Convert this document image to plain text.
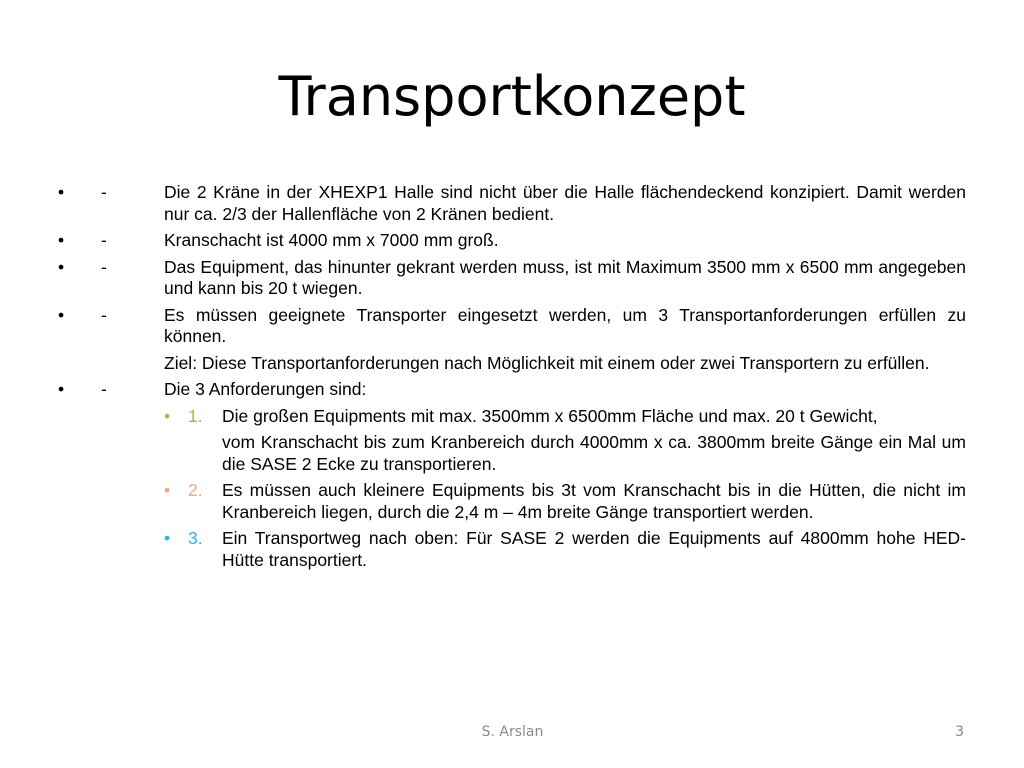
Transportkonzept
•	-	Die 2 Kräne in der XHEXP1 Halle sind nicht über die Halle flächendeckend konzipiert. Damit werden nur ca. 2/3 der Hallenfläche von 2 Kränen bedient.
•	-	Kranschacht ist 4000 mm x 7000 mm groß.
•	-	Das Equipment, das hinunter gekrant werden muss, ist mit Maximum 3500 mm x 6500 mm angegeben und kann bis 20 t wiegen.
•	-	Es müssen geeignete Transporter eingesetzt werden, um 3 Transportanforderungen erfüllen zu können.
Ziel: Diese Transportanforderungen nach Möglichkeit mit einem oder zwei Transportern zu erfüllen.
•	-	Die 3 Anforderungen sind:
•	1. Die großen Equipments mit max. 3500mm x 6500mm Fläche und max. 20 t Gewicht,
vom Kranschacht bis zum Kranbereich durch 4000mm x ca. 3800mm breite Gänge ein Mal um die SASE 2 Ecke zu transportieren.
•	2. Es müssen auch kleinere Equipments bis 3t vom Kranschacht bis in die Hütten, die nicht im Kranbereich liegen, durch die 2,4 m – 4m breite Gänge transportiert werden.
•	3. Ein Transportweg nach oben: Für SASE 2 werden die Equipments auf 4800mm hohe HED-Hütte transportiert.
S. Arslan	3
